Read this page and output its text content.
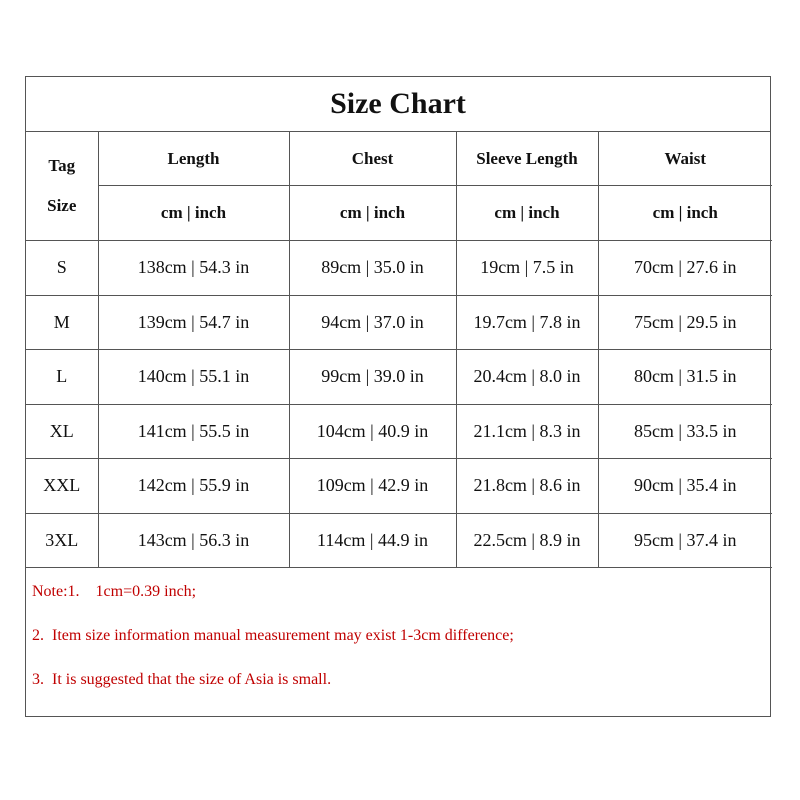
Size Chart
Tag
Size	Length	Chest	Sleeve Length	Waist
	cm | inch	cm | inch	cm | inch	cm | inch
S	138cm | 54.3 in	89cm | 35.0 in	19cm | 7.5 in	70cm | 27.6 in
M	139cm | 54.7 in	94cm | 37.0 in	19.7cm | 7.8 in	75cm | 29.5 in
L	140cm | 55.1 in	99cm | 39.0 in	20.4cm | 8.0 in	80cm | 31.5 in
XL	141cm | 55.5 in	104cm | 40.9 in	21.1cm | 8.3 in	85cm | 33.5 in
XXL	142cm | 55.9 in	109cm | 42.9 in	21.8cm | 8.6 in	90cm | 35.4 in
3XL	143cm | 56.3 in	114cm | 44.9 in	22.5cm | 8.9 in	95cm | 37.4 in
Note:1.    1cm=0.39 inch;
2.  Item size information manual measurement may exist 1-3cm difference;
3.  It is suggested that the size of Asia is small.
